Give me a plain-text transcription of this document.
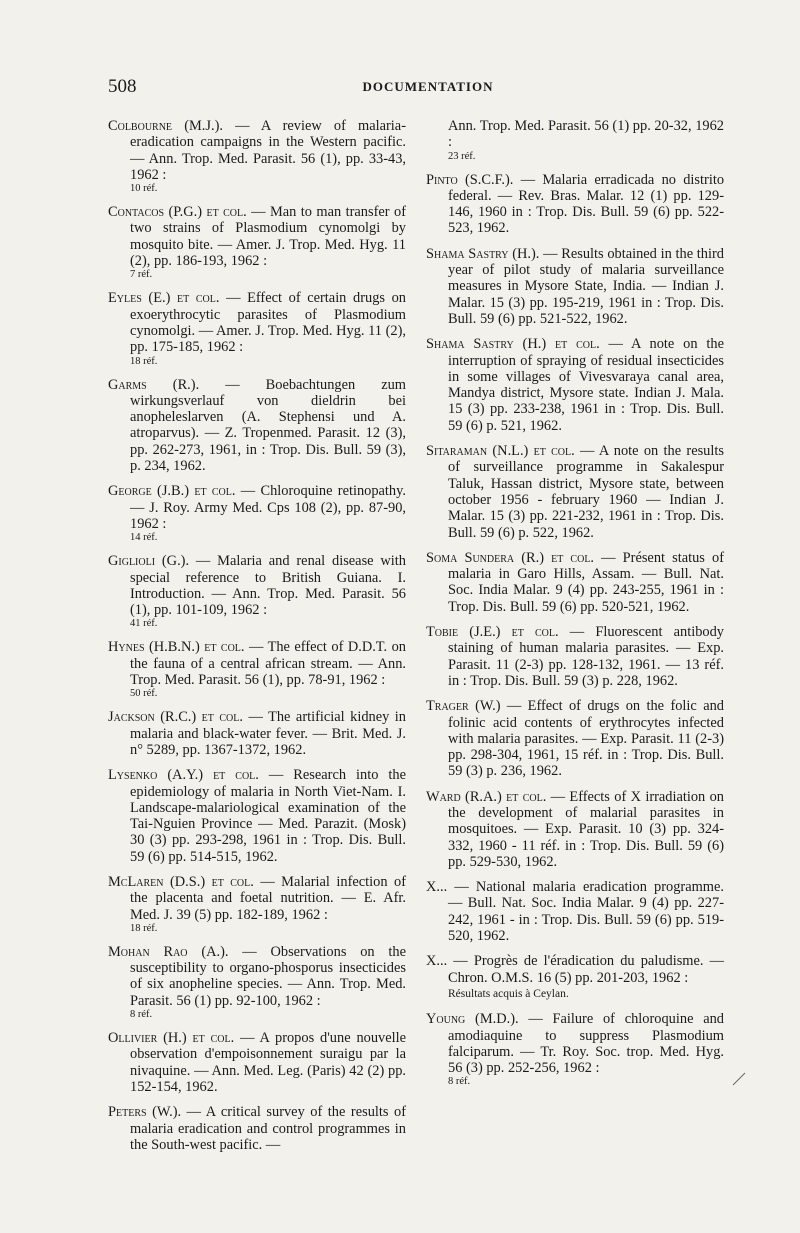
508	DOCUMENTATION
Colbourne (M.J.). — A review of malaria-eradication campaigns in the Western pacific. — Ann. Trop. Med. Parasit. 56 (1), pp. 33-43, 1962 :
10 réf.
Contacos (P.G.) et col. — Man to man transfer of two strains of Plasmodium cynomolgi by mosquito bite. — Amer. J. Trop. Med. Hyg. 11 (2), pp. 186-193, 1962 :
7 réf.
Eyles (E.) et col. — Effect of certain drugs on exoerythrocytic parasites of Plasmodium cynomolgi. — Amer. J. Trop. Med. Hyg. 11 (2), pp. 175-185, 1962 :
18 réf.
Garms (R.). — Boebachtungen zum wirkungsverlauf von dieldrin bei anopheleslarven (A. Stephensi und A. atroparvus). — Z. Tropenmed. Parasit. 12 (3), pp. 262-273, 1961, in : Trop. Dis. Bull. 59 (3), p. 234, 1962.
George (J.B.) et col. — Chloroquine retinopathy. — J. Roy. Army Med. Cps 108 (2), pp. 87-90, 1962 :
14 réf.
Giglioli (G.). — Malaria and renal disease with special reference to British Guiana. I. Introduction. — Ann. Trop. Med. Parasit. 56 (1), pp. 101-109, 1962 :
41 réf.
Hynes (H.B.N.) et col. — The effect of D.D.T. on the fauna of a central african stream. — Ann. Trop. Med. Parasit. 56 (1), pp. 78-91, 1962 :
50 réf.
Jackson (R.C.) et col. — The artificial kidney in malaria and black-water fever. — Brit. Med. J. n° 5289, pp. 1367-1372, 1962.
Lysenko (A.Y.) et col. — Research into the epidemiology of malaria in North Viet-Nam. I. Landscape-malariological examination of the Tai-Nguien Province — Med. Parazit. (Mosk) 30 (3) pp. 293-298, 1961 in : Trop. Dis. Bull. 59 (6) pp. 514-515, 1962.
McLaren (D.S.) et col. — Malarial infection of the placenta and foetal nutrition. — E. Afr. Med. J. 39 (5) pp. 182-189, 1962 :
18 réf.
Mohan Rao (A.). — Observations on the susceptibility to organo-phosporus insecticides of six anopheline species. — Ann. Trop. Med. Parasit. 56 (1) pp. 92-100, 1962 :
8 réf.
Ollivier (H.) et col. — A propos d'une nouvelle observation d'empoisonnement suraigu par la nivaquine. — Ann. Med. Leg. (Paris) 42 (2) pp. 152-154, 1962.
Peters (W.). — A critical survey of the results of malaria eradication and control programmes in the South-west pacific. —
Ann. Trop. Med. Parasit. 56 (1) pp. 20-32, 1962 :
23 réf.
Pinto (S.C.F.). — Malaria erradicada no distrito federal. — Rev. Bras. Malar. 12 (1) pp. 129-146, 1960 in : Trop. Dis. Bull. 59 (6) pp. 522-523, 1962.
Shama Sastry (H.). — Results obtained in the third year of pilot study of malaria surveillance measures in Mysore State, India. — Indian J. Malar. 15 (3) pp. 195-219, 1961 in : Trop. Dis. Bull. 59 (6) pp. 521-522, 1962.
Shama Sastry (H.) et col. — A note on the interruption of spraying of residual insecticides in some villages of Vivesvaraya canal area, Mandya district, Mysore state. Indian J. Mala. 15 (3) pp. 233-238, 1961 in : Trop. Dis. Bull. 59 (6) p. 521, 1962.
Sitaraman (N.L.) et col. — A note on the results of surveillance programme in Sakalespur Taluk, Hassan district, Mysore state, between october 1956 - february 1960 — Indian J. Malar. 15 (3) pp. 221-232, 1961 in : Trop. Dis. Bull. 59 (6) p. 522, 1962.
Soma Sundera (R.) et col. — Présent status of malaria in Garo Hills, Assam. — Bull. Nat. Soc. India Malar. 9 (4) pp. 243-255, 1961 in : Trop. Dis. Bull. 59 (6) pp. 520-521, 1962.
Tobie (J.E.) et col. — Fluorescent antibody staining of human malaria parasites. — Exp. Parasit. 11 (2-3) pp. 128-132, 1961. — 13 réf. in : Trop. Dis. Bull. 59 (3) p. 228, 1962.
Trager (W.) — Effect of drugs on the folic and folinic acid contents of erythrocytes infected with malaria parasites. — Exp. Parasit. 11 (2-3) pp. 298-304, 1961, 15 réf. in : Trop. Dis. Bull. 59 (3) p. 236, 1962.
Ward (R.A.) et col. — Effects of X irradiation on the development of malarial parasites in mosquitoes. — Exp. Parasit. 10 (3) pp. 324-332, 1960 - 11 réf. in : Trop. Dis. Bull. 59 (6) pp. 529-530, 1962.
X... — National malaria eradication programme. — Bull. Nat. Soc. India Malar. 9 (4) pp. 227-242, 1961 - in : Trop. Dis. Bull. 59 (6) pp. 519-520, 1962.
X... — Progrès de l'éradication du paludisme. — Chron. O.M.S. 16 (5) pp. 201-203, 1962 :
Résultats acquis à Ceylan.
Young (M.D.). — Failure of chloroquine and amodiaquine to suppress Plasmodium falciparum. — Tr. Roy. Soc. trop. Med. Hyg. 56 (3) pp. 252-256, 1962 :
8 réf.
